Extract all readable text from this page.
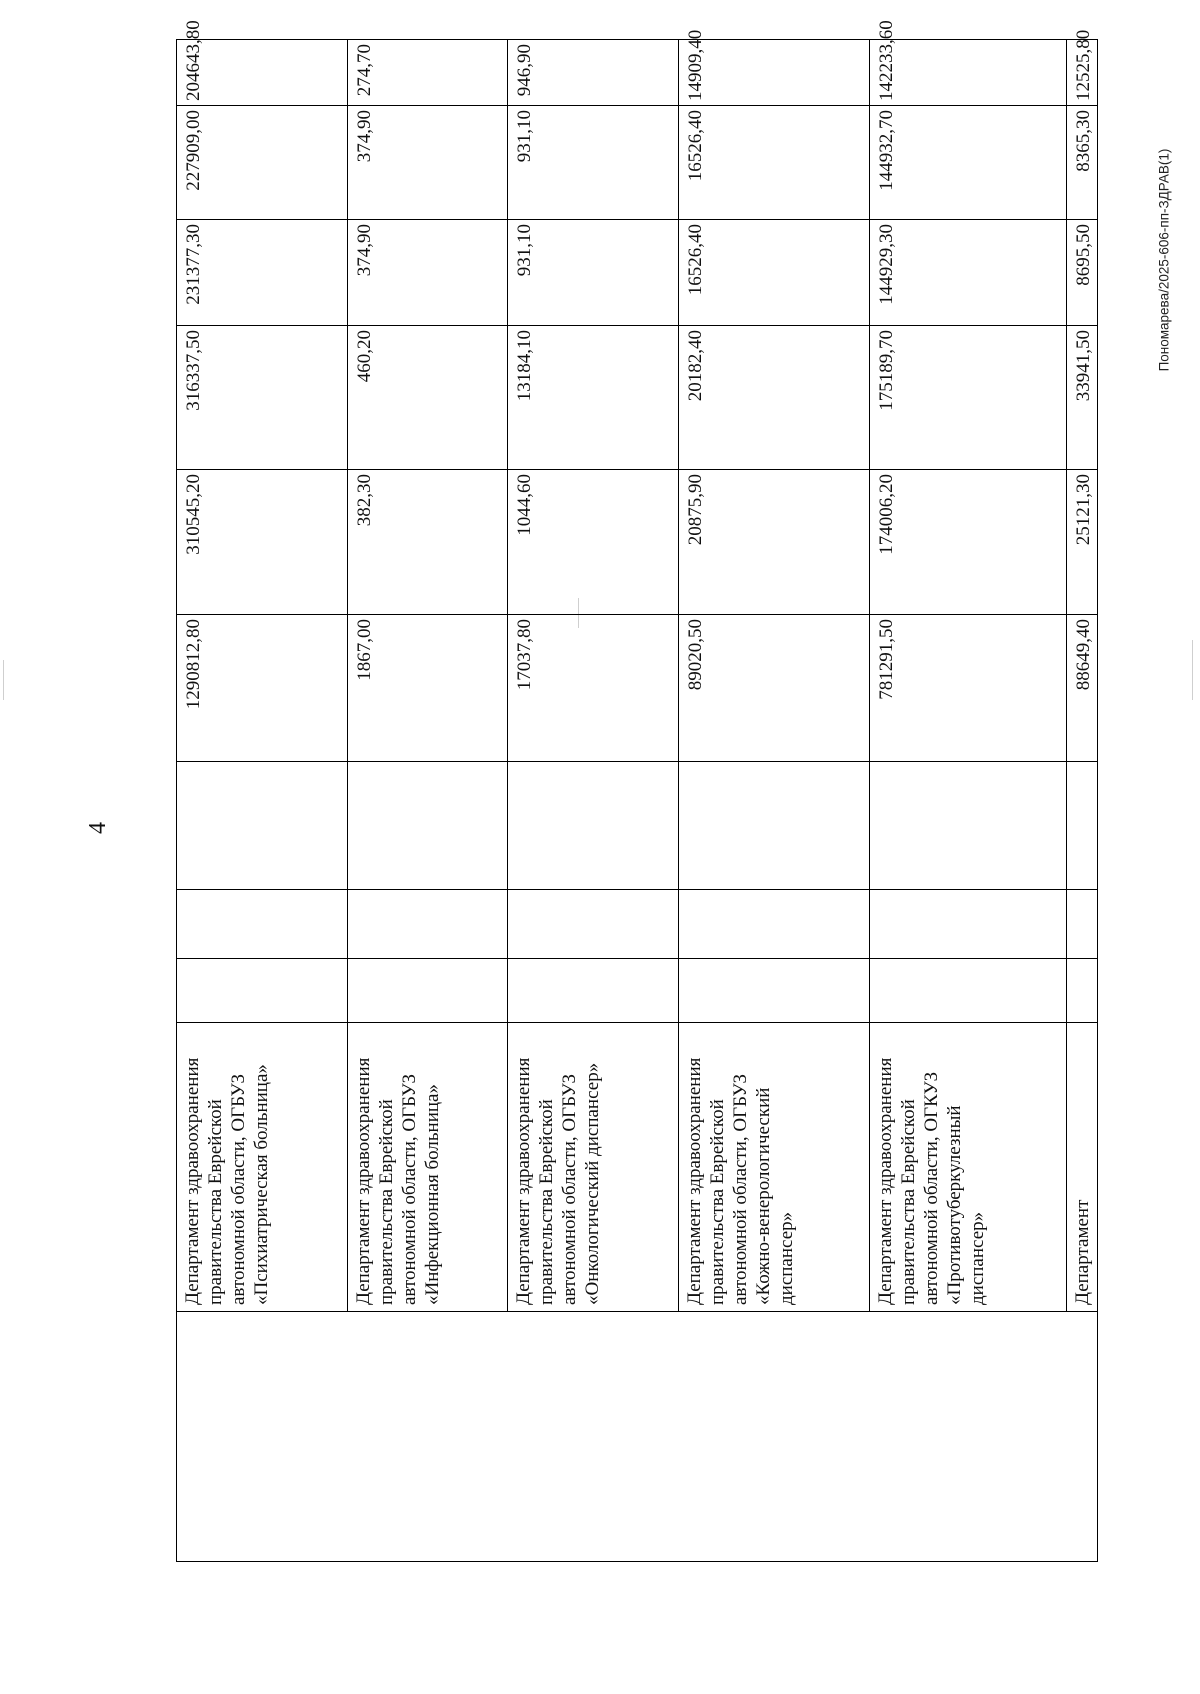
4
Пономарева/2025-606-пп-ЗДРАВ(1)
	Департамент здравоохранения правительства Еврейской автономной области, ОГБУЗ «Психиатрическая больница»				1290812,80	310545,20	316337,50	231377,30	227909,00	204643,80
	Департамент здравоохранения правительства Еврейской автономной области, ОГБУЗ «Инфекционная больница»				1867,00	382,30	460,20	374,90	374,90	274,70
	Департамент здравоохранения правительства Еврейской автономной области, ОГБУЗ «Онкологический диспансер»				17037,80	1044,60	13184,10	931,10	931,10	946,90
	Департамент здравоохранения правительства Еврейской автономной области, ОГБУЗ «Кожно-венерологический диспансер»				89020,50	20875,90	20182,40	16526,40	16526,40	14909,40
	Департамент здравоохранения правительства Еврейской автономной области, ОГКУЗ «Противотуберкулезный диспансер»				781291,50	174006,20	175189,70	144929,30	144932,70	142233,60
	Департамент				88649,40	25121,30	33941,50	8695,50	8365,30	12525,80
